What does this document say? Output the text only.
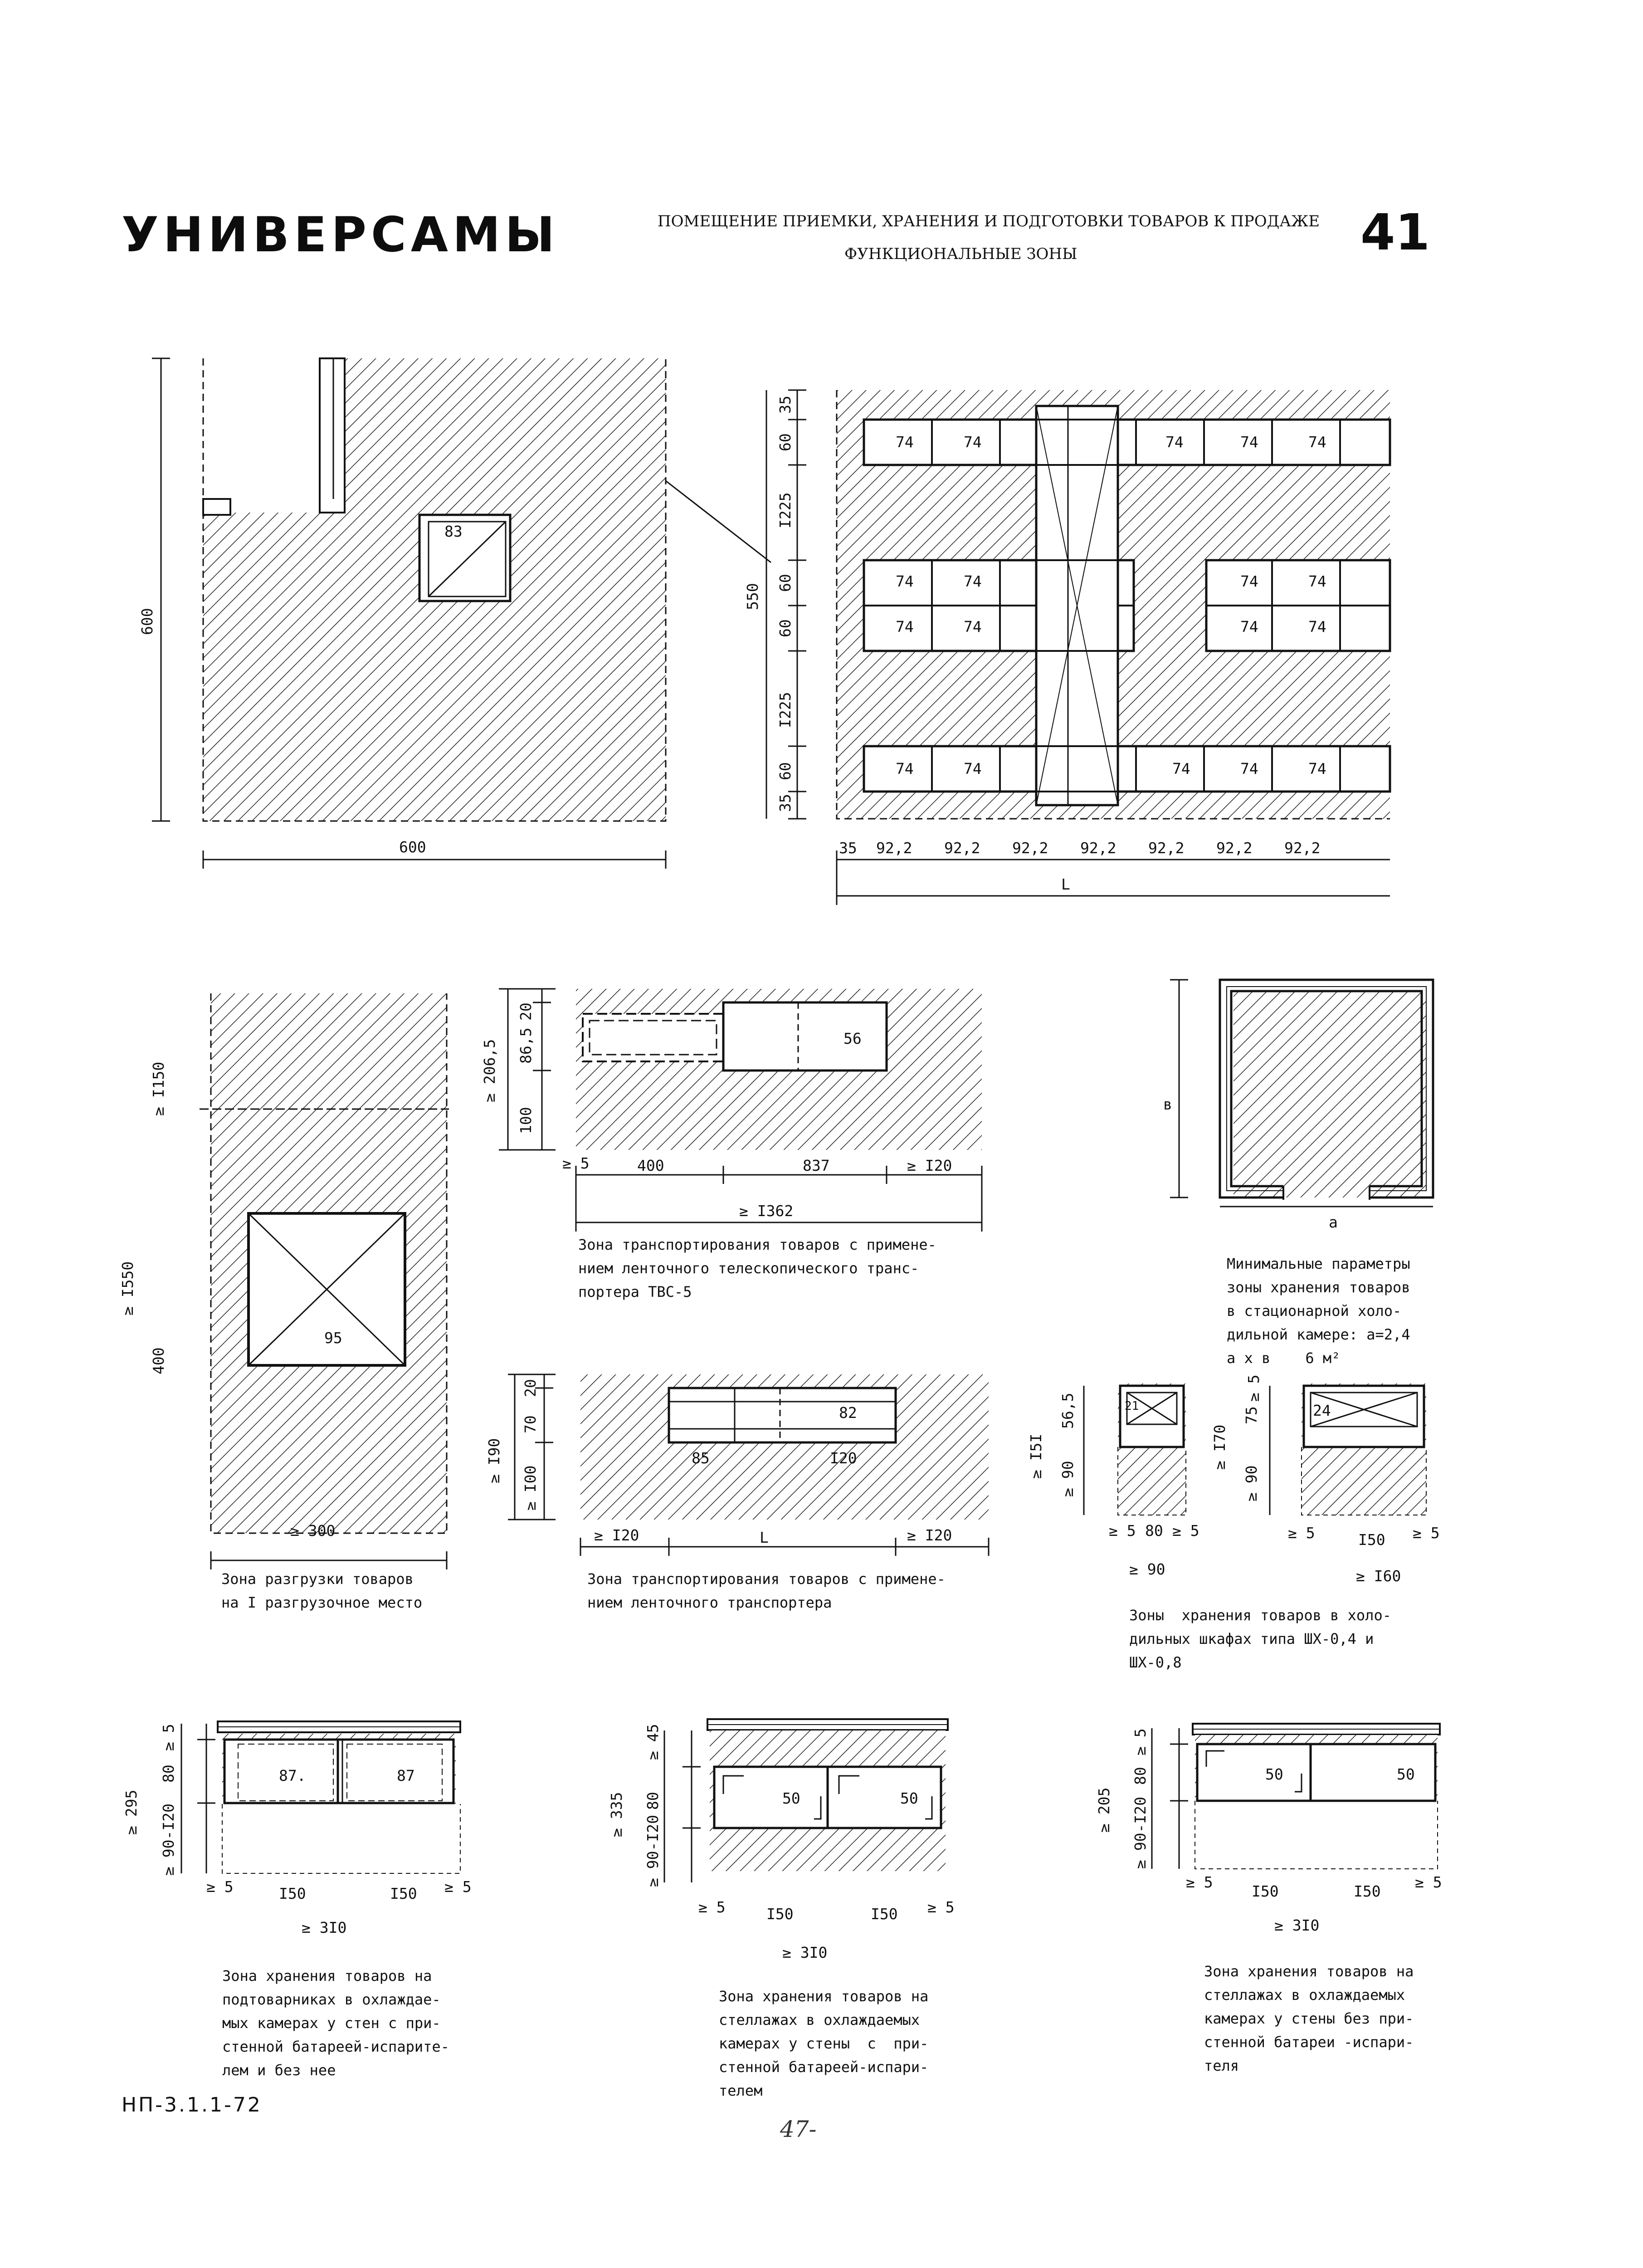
УНИВЕРСАМЫ	ПОМЕЩЕНИЕ ПРИЕМКИ, ХРАНЕНИЯ И ПОДГОТОВКИ ТОВАРОВ К ПРОДАЖЕ
ФУНКЦИОНАЛЬНЫЕ ЗОНЫ	41
600
600
83
74	74	74	74	74
74	74	74	74
74	74	74	74
74	74	74	74	74
35
60
I225
60
60
I225
60
35
550
35 92,2 92,2 92,2 92,2 92,2 92,2 92,2
L
95
≥ I150
≥ I550
400
≥ 300
Зона разгрузки товаров
на I разгрузочное место
56
20
86,5
100
≥ 206,5
≥ 5	400	837	≥ I20
≥ I362
Зона транспортирования товаров с примене-
нием ленточного телескопического транс-
портера ТВС-5
85
82
I20
20
70
≥ I00
≥ I90
≥ I20	L	≥ I20
Зона транспортирования товаров с примене-
нием ленточного транспортера
в
а
Минимальные параметры
зоны хранения товаров
в стационарной холо-
дильной камере: а=2,4
а х в    6 м²
21	24
≥ I5I
56,5
≥ 90
≥ 5 80 ≥ 5
≥ 90
≥ I70
75
≥ 5
≥ 90
≥ 5	I50 ≥ 5
≥ I60
Зоны  хранения товаров в холо-
дильных шкафах типа ШХ-0,4 и
ШХ-0,8
87.	87
≥ 5
80
≥ 90-I20
≥ 295
≥ 5	I50	I50 ≥ 5
≥ 3I0
Зона хранения товаров на
подтоварниках в охлаждае-
мых камерах у стен с при-
стенной батареей-испарите-
лем и без нее
50	50
≥ 45
80
≥ 90-I20
≥ 335
≥ 5	I50	I50 ≥ 5
≥ 3I0
Зона хранения товаров на
стеллажах в охлаждаемых
камерах у стены  с  при-
стенной батареей-испари-
телем
50	50
≥ 5
80
≥ 90-I20
≥ 205
≥ 5
I50	I50
≥ 5
≥ 3I0
Зона хранения товаров на
стеллажах в охлаждаемых
камерах у стены без при-
стенной батареи -испари-
теля
НП-3.1.1-72
47-
